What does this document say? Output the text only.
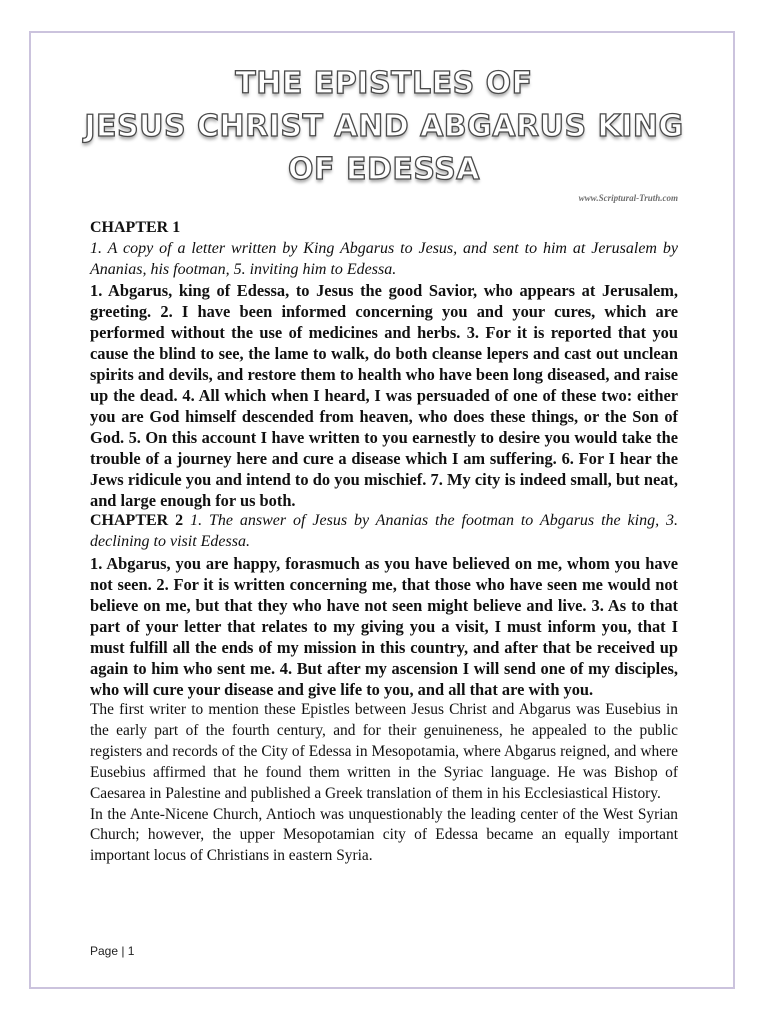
THE EPISTLES OF
JESUS CHRIST AND ABGARUS KING
OF EDESSA
www.Scriptural-Truth.com

CHAPTER 1

1. A copy of a letter written by King Abgarus to Jesus, and sent to him at Jerusalem by Ananias, his footman, 5. inviting him to Edessa.

1. Abgarus, king of Edessa, to Jesus the good Savior, who appears at Jerusalem, greeting. 2. I have been informed concerning you and your cures, which are performed without the use of medicines and herbs. 3. For it is reported that you cause the blind to see, the lame to walk, do both cleanse lepers and cast out unclean spirits and devils, and restore them to health who have been long diseased, and raise up the dead. 4. All which when I heard, I was persuaded of one of these two: either you are God himself descended from heaven, who does these things, or the Son of God. 5. On this account I have written to you earnestly to desire you would take the trouble of a journey here and cure a disease which I am suffering. 6. For I hear the Jews ridicule you and intend to do you mischief. 7. My city is indeed small, but neat, and large enough for us both.

CHAPTER 2 1. The answer of Jesus by Ananias the footman to Abgarus the king, 3. declining to visit Edessa.

1. Abgarus, you are happy, forasmuch as you have believed on me, whom you have not seen. 2. For it is written concerning me, that those who have seen me would not believe on me, but that they who have not seen might believe and live. 3. As to that part of your letter that relates to my giving you a visit, I must inform you, that I must fulfill all the ends of my mission in this country, and after that be received up again to him who sent me. 4. But after my ascension I will send one of my disciples, who will cure your disease and give life to you, and all that are with you.

The first writer to mention these Epistles between Jesus Christ and Abgarus was Eusebius in the early part of the fourth century, and for their genuineness, he appealed to the public registers and records of the City of Edessa in Mesopotamia, where Abgarus reigned, and where Eusebius affirmed that he found them written in the Syriac language. He was Bishop of Caesarea in Palestine and published a Greek translation of them in his Ecclesiastical History.

In the Ante-Nicene Church, Antioch was unquestionably the leading center of the West Syrian Church; however, the upper Mesopotamian city of Edessa became an equally important important locus of Christians in eastern Syria.

Page | 1
